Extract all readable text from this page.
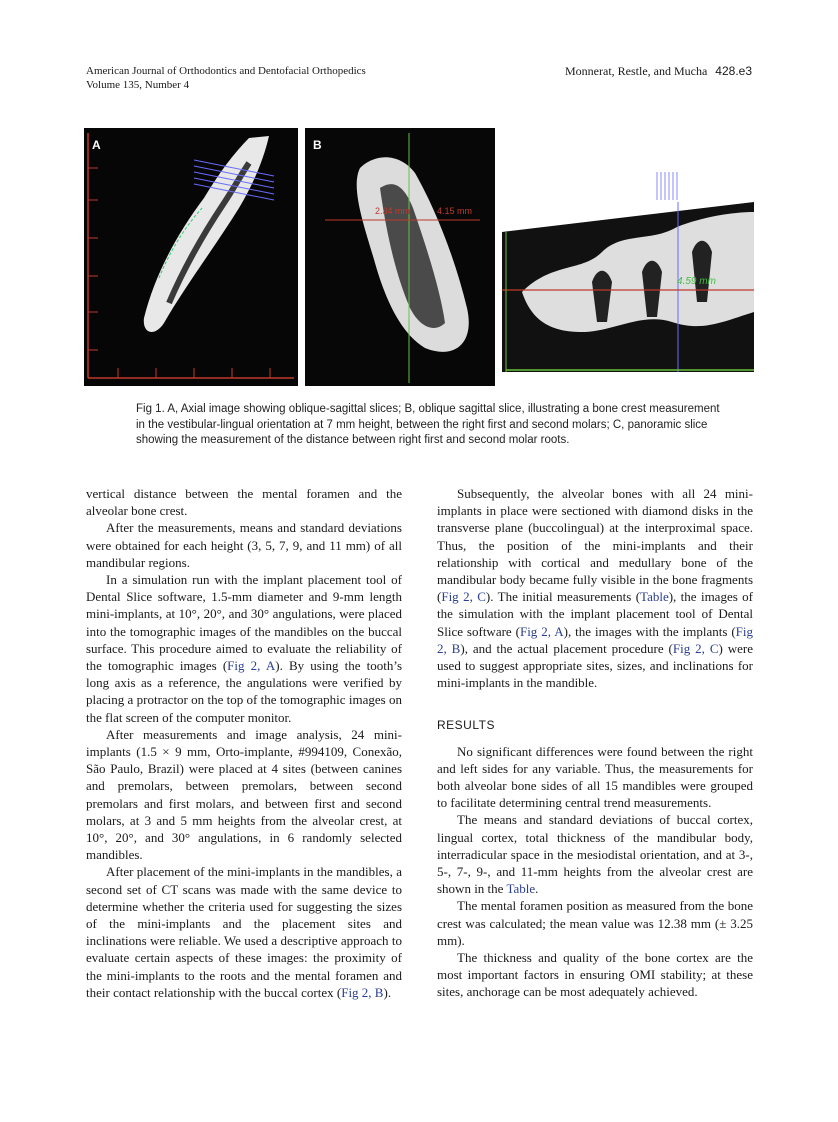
American Journal of Orthodontics and Dentofacial Orthopedics
Volume 135, Number 4
Monnerat, Restle, and Mucha 428.e3
A
2.34 mm	4.15 mm
B
4.59 mm
C
Fig 1. A, Axial image showing oblique-sagittal slices; B, oblique sagittal slice, illustrating a bone crest measurement in the vestibular-lingual orientation at 7 mm height, between the right first and second molars; C, panoramic slice showing the measurement of the distance between right first and second molar roots.

vertical distance between the mental foramen and the alveolar bone crest.

After the measurements, means and standard deviations were obtained for each height (3, 5, 7, 9, and 11 mm) of all mandibular regions.

In a simulation run with the implant placement tool of Dental Slice software, 1.5-mm diameter and 9-mm length mini-implants, at 10°, 20°, and 30° angulations, were placed into the tomographic images of the mandibles on the buccal surface. This procedure aimed to evaluate the reliability of the tomographic images (Fig 2, A). By using the tooth’s long axis as a reference, the angulations were verified by placing a protractor on the top of the tomographic images on the flat screen of the computer monitor.

After measurements and image analysis, 24 mini-implants (1.5 × 9 mm, Orto-implante, #994109, Conexão, São Paulo, Brazil) were placed at 4 sites (between canines and premolars, between premolars, between second premolars and first molars, and between first and second molars, at 3 and 5 mm heights from the alveolar crest, at 10°, 20°, and 30° angulations, in 6 randomly selected mandibles.

After placement of the mini-implants in the mandibles, a second set of CT scans was made with the same device to determine whether the criteria used for suggesting the sizes of the mini-implants and the placement sites and inclinations were reliable. We used a descriptive approach to evaluate certain aspects of these images: the proximity of the mini-implants to the roots and the mental foramen and their contact relationship with the buccal cortex (Fig 2, B).

Subsequently, the alveolar bones with all 24 mini-implants in place were sectioned with diamond disks in the transverse plane (buccolingual) at the interproximal space. Thus, the position of the mini-implants and their relationship with cortical and medullary bone of the mandibular body became fully visible in the bone fragments (Fig 2, C). The initial measurements (Table), the images of the simulation with the implant placement tool of Dental Slice software (Fig 2, A), the images with the implants (Fig 2, B), and the actual placement procedure (Fig 2, C) were used to suggest appropriate sites, sizes, and inclinations for mini-implants in the mandible.

RESULTS

No significant differences were found between the right and left sides for any variable. Thus, the measurements for both alveolar bone sides of all 15 mandibles were grouped to facilitate determining central trend measurements.

The means and standard deviations of buccal cortex, lingual cortex, total thickness of the mandibular body, interradicular space in the mesiodistal orientation, and at 3-, 5-, 7-, 9-, and 11-mm heights from the alveolar crest are shown in the Table.

The mental foramen position as measured from the bone crest was calculated; the mean value was 12.38 mm (± 3.25 mm).

The thickness and quality of the bone cortex are the most important factors in ensuring OMI stability; at these sites, anchorage can be most adequately achieved.
